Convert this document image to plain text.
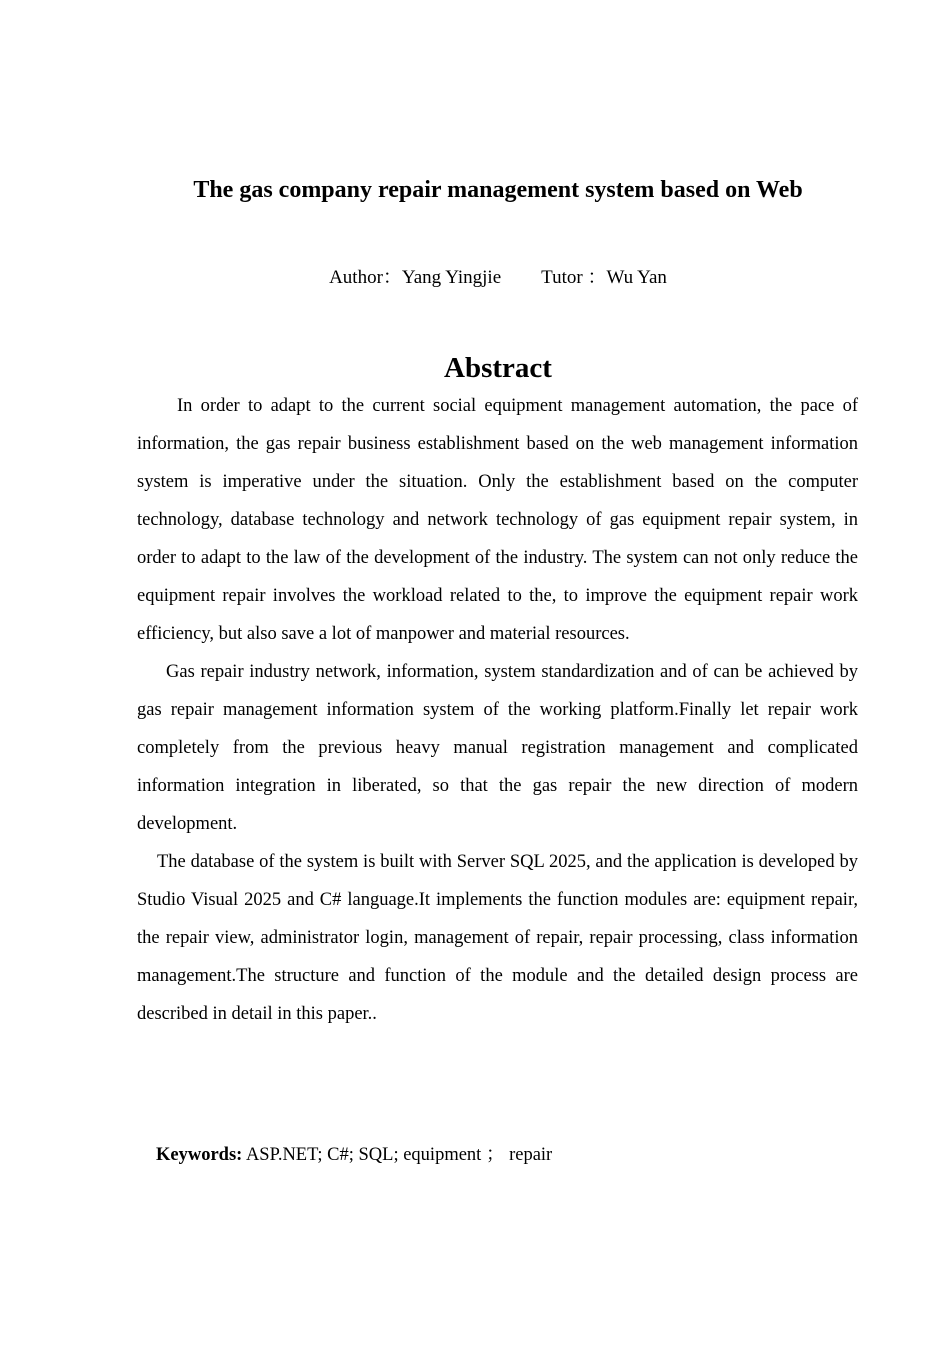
The gas company repair management system based on Web
Author：Yang Yingjie Tutor ：Wu Yan
Abstract

In order to adapt to the current social equipment management automation, the pace of information, the gas repair business establishment based on the web management information system is imperative under the situation. Only the establishment based on the computer technology, database technology and network technology of gas equipment repair system, in order to adapt to the law of the development of the industry. The system can not only reduce the equipment repair involves the workload related to the, to improve the equipment repair work efficiency, but also save a lot of manpower and material resources.

Gas repair industry network, information, system standardization and of can be achieved by gas repair management information system of the working platform.Finally let repair work completely from the previous heavy manual registration management and complicated information integration in liberated, so that the gas repair the new direction of modern development.

The database of the system is built with Server SQL 2025, and the application is developed by Studio Visual 2025 and C# language.It implements the function modules are: equipment repair, the repair view, administrator login, management of repair, repair processing, class information management.The structure and function of the module and the detailed design process are described in detail in this paper..

Keywords: ASP.NET; C#; SQL; equipment ； repair
